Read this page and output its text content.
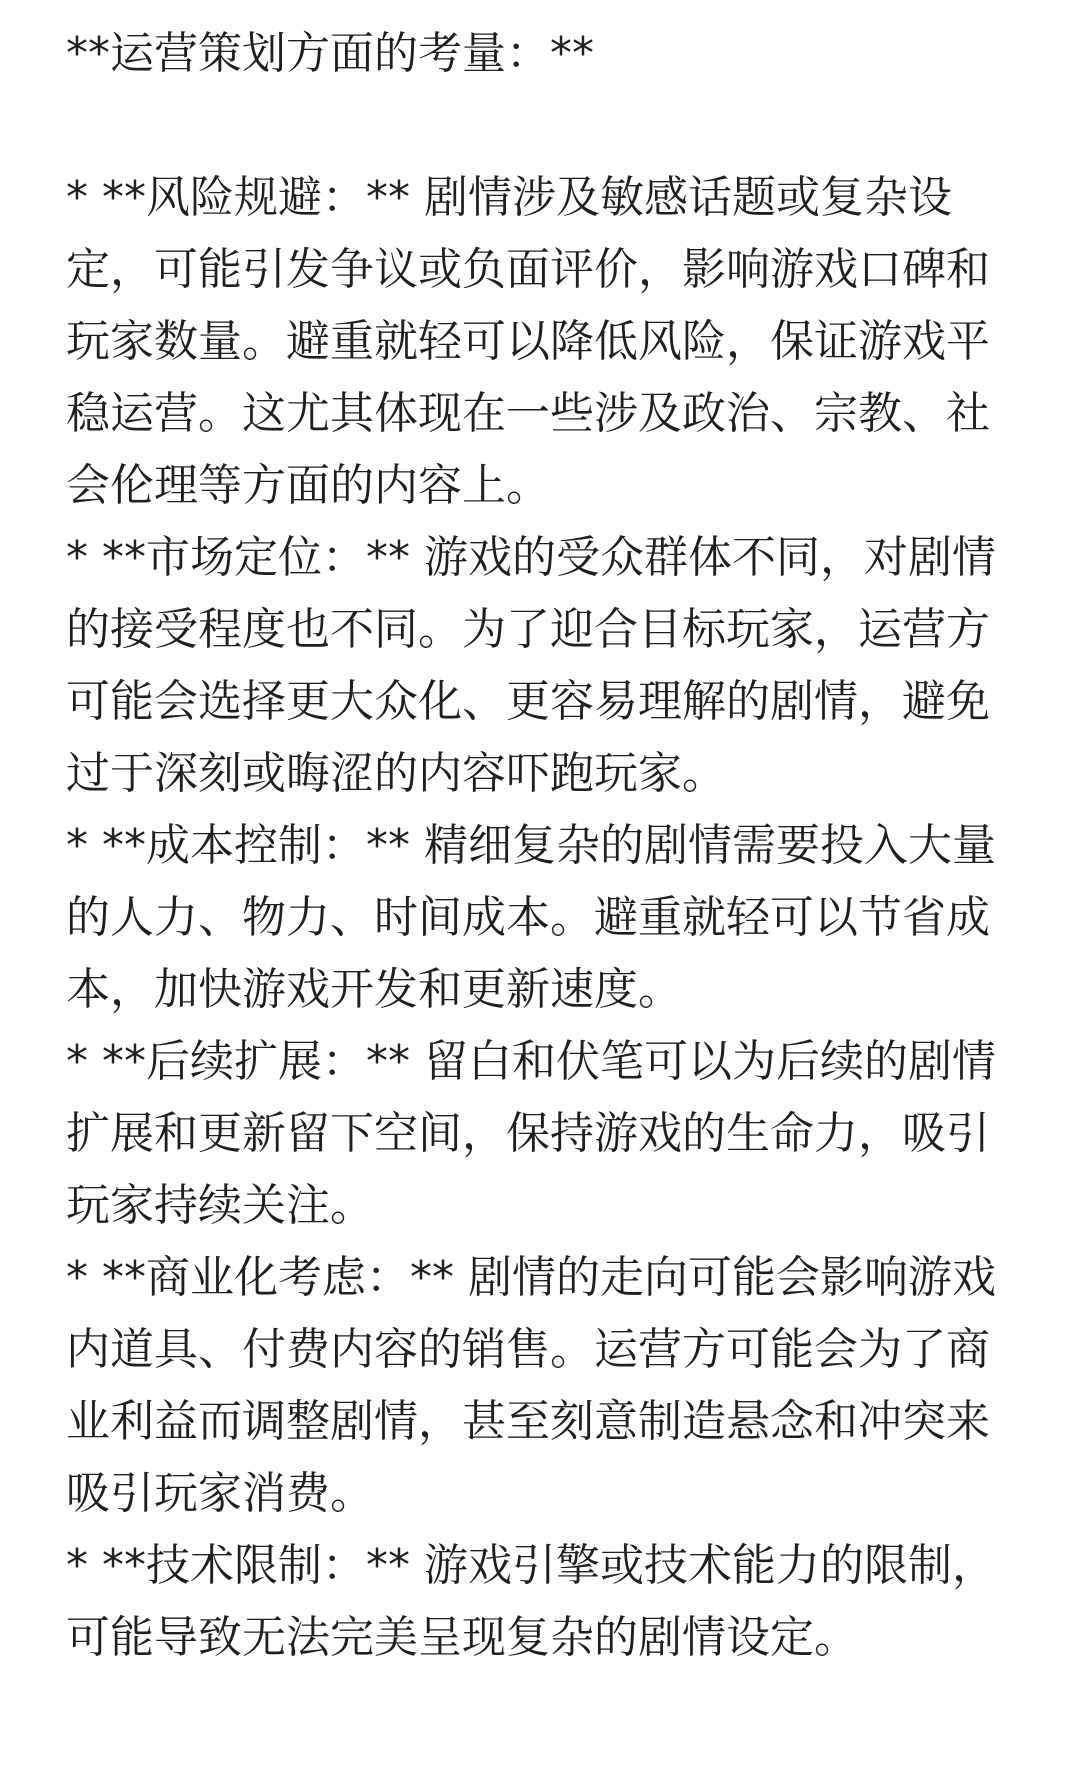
**运营策划方面的考量：**

* **风险规避：** 剧情涉及敏感话题或复杂设定，可能引发争议或负面评价，影响游戏口碑和玩家数量。避重就轻可以降低风险，保证游戏平稳运营。这尤其体现在一些涉及政治、宗教、社会伦理等方面的内容上。

* **市场定位：** 游戏的受众群体不同，对剧情的接受程度也不同。为了迎合目标玩家，运营方可能会选择更大众化、更容易理解的剧情，避免过于深刻或晦涩的内容吓跑玩家。

* **成本控制：** 精细复杂的剧情需要投入大量的人力、物力、时间成本。避重就轻可以节省成本，加快游戏开发和更新速度。

* **后续扩展：** 留白和伏笔可以为后续的剧情扩展和更新留下空间，保持游戏的生命力，吸引玩家持续关注。

* **商业化考虑：** 剧情的走向可能会影响游戏内道具、付费内容的销售。运营方可能会为了商业利益而调整剧情，甚至刻意制造悬念和冲突来吸引玩家消费。

* **技术限制：** 游戏引擎或技术能力的限制，可能导致无法完美呈现复杂的剧情设定。
